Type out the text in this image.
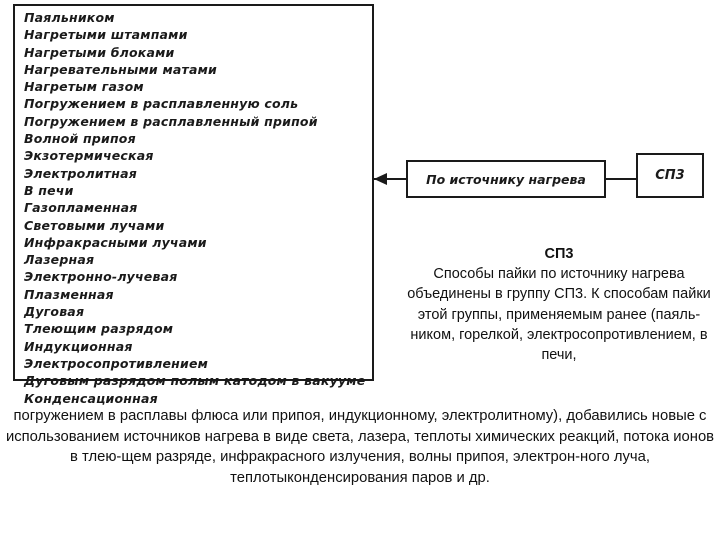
Паяльником
Нагретыми штампами
Нагретыми блоками
Нагревательными матами
Нагретым газом
Погружением в расплавленную соль
Погружением в расплавленный припой
Волной припоя
Экзотермическая
Электролитная
В печи
Газопламенная
Световыми лучами
Инфракрасными лучами
Лазерная
Электронно-лучевая
Плазменная
Дуговая
Тлеющим разрядом
Индукционная
Электросопротивлением
Дуговым разрядом полым катодом в вакууме
Конденсационная
По источнику нагрева	СП3
СП3
Способы пайки по источнику нагрева объединены в группу СП3. К способам пайки этой группы, применяемым ранее (паяль-ником, горелкой, электросопротивлением, в печи,
погружением в расплавы флюса или припоя, индукционному, электролитному), добавились новые с использованием источников нагрева в виде света, лазера, теплоты химических реакций, потока ионов в тлею-щем разряде, инфракрасного излучения, волны припоя, электрон-ного луча, теплотыконденсирования паров и др.
